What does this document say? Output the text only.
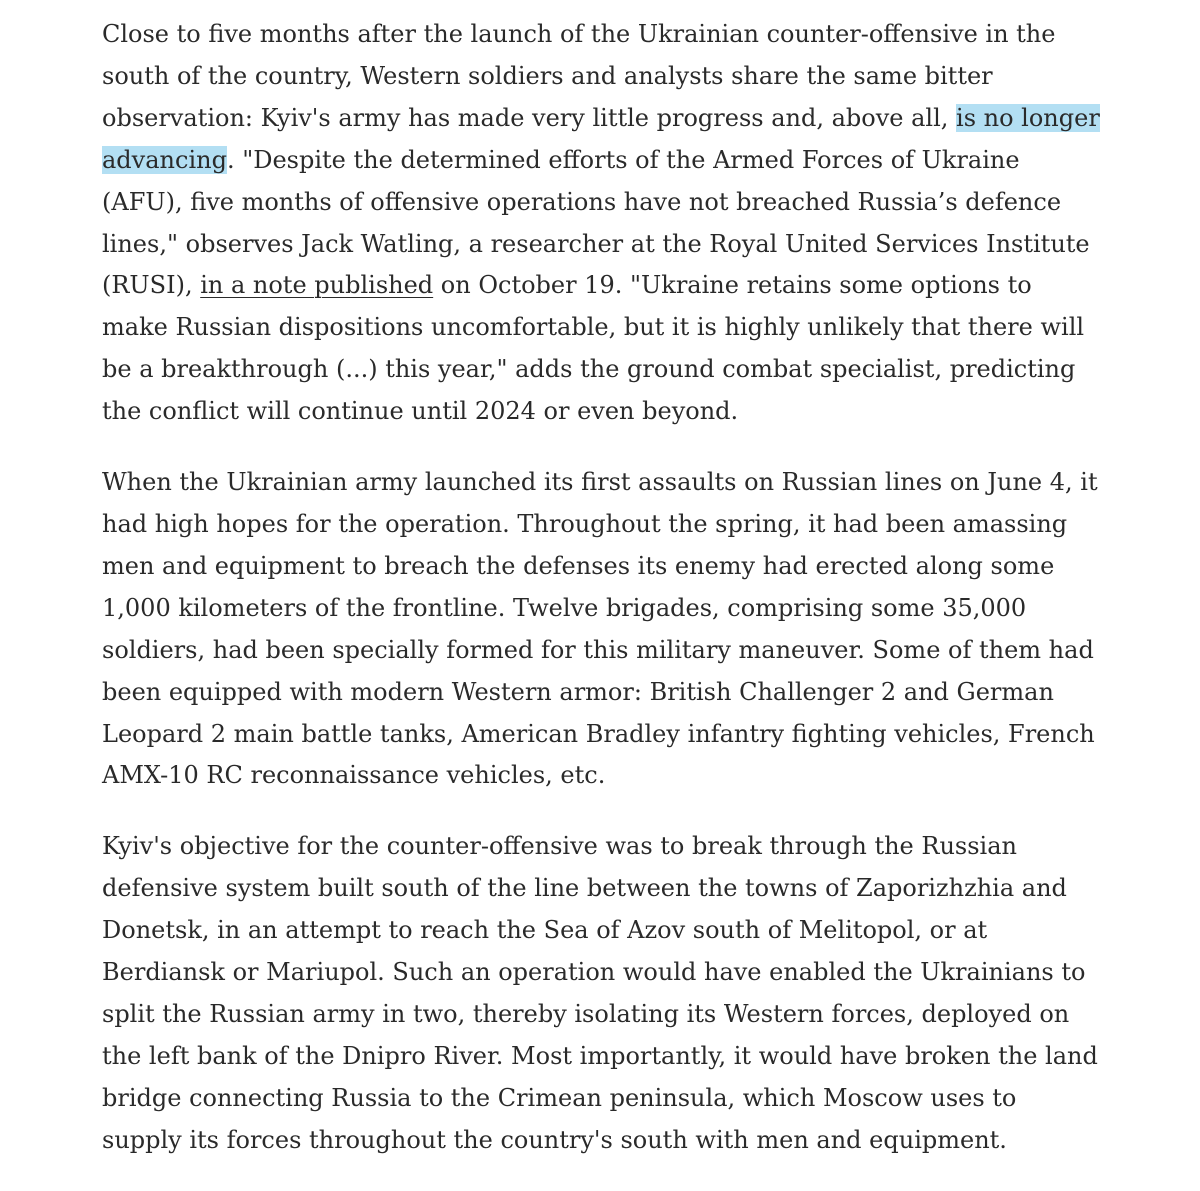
Close to five months after the launch of the Ukrainian counter-offensive in the south of the country, Western soldiers and analysts share the same bitter observation: Kyiv's army has made very little progress and, above all, is no longer advancing. "Despite the determined efforts of the Armed Forces of Ukraine (AFU), five months of offensive operations have not breached Russia’s defence lines," observes Jack Watling, a researcher at the Royal United Services Institute (RUSI), in a note published on October 19. "Ukraine retains some options to make Russian dispositions uncomfortable, but it is highly unlikely that there will be a breakthrough (...) this year," adds the ground combat specialist, predicting the conflict will continue until 2024 or even beyond.

When the Ukrainian army launched its first assaults on Russian lines on June 4, it had high hopes for the operation. Throughout the spring, it had been amassing men and equipment to breach the defenses its enemy had erected along some 1,000 kilometers of the frontline. Twelve brigades, comprising some 35,000 soldiers, had been specially formed for this military maneuver. Some of them had been equipped with modern Western armor: British Challenger 2 and German Leopard 2 main battle tanks, American Bradley infantry fighting vehicles, French AMX-10 RC reconnaissance vehicles, etc.

Kyiv's objective for the counter-offensive was to break through the Russian defensive system built south of the line between the towns of Zaporizhzhia and Donetsk, in an attempt to reach the Sea of Azov south of Melitopol, or at Berdiansk or Mariupol. Such an operation would have enabled the Ukrainians to split the Russian army in two, thereby isolating its Western forces, deployed on the left bank of the Dnipro River. Most importantly, it would have broken the land bridge connecting Russia to the Crimean peninsula, which Moscow uses to supply its forces throughout the country's south with men and equipment.
